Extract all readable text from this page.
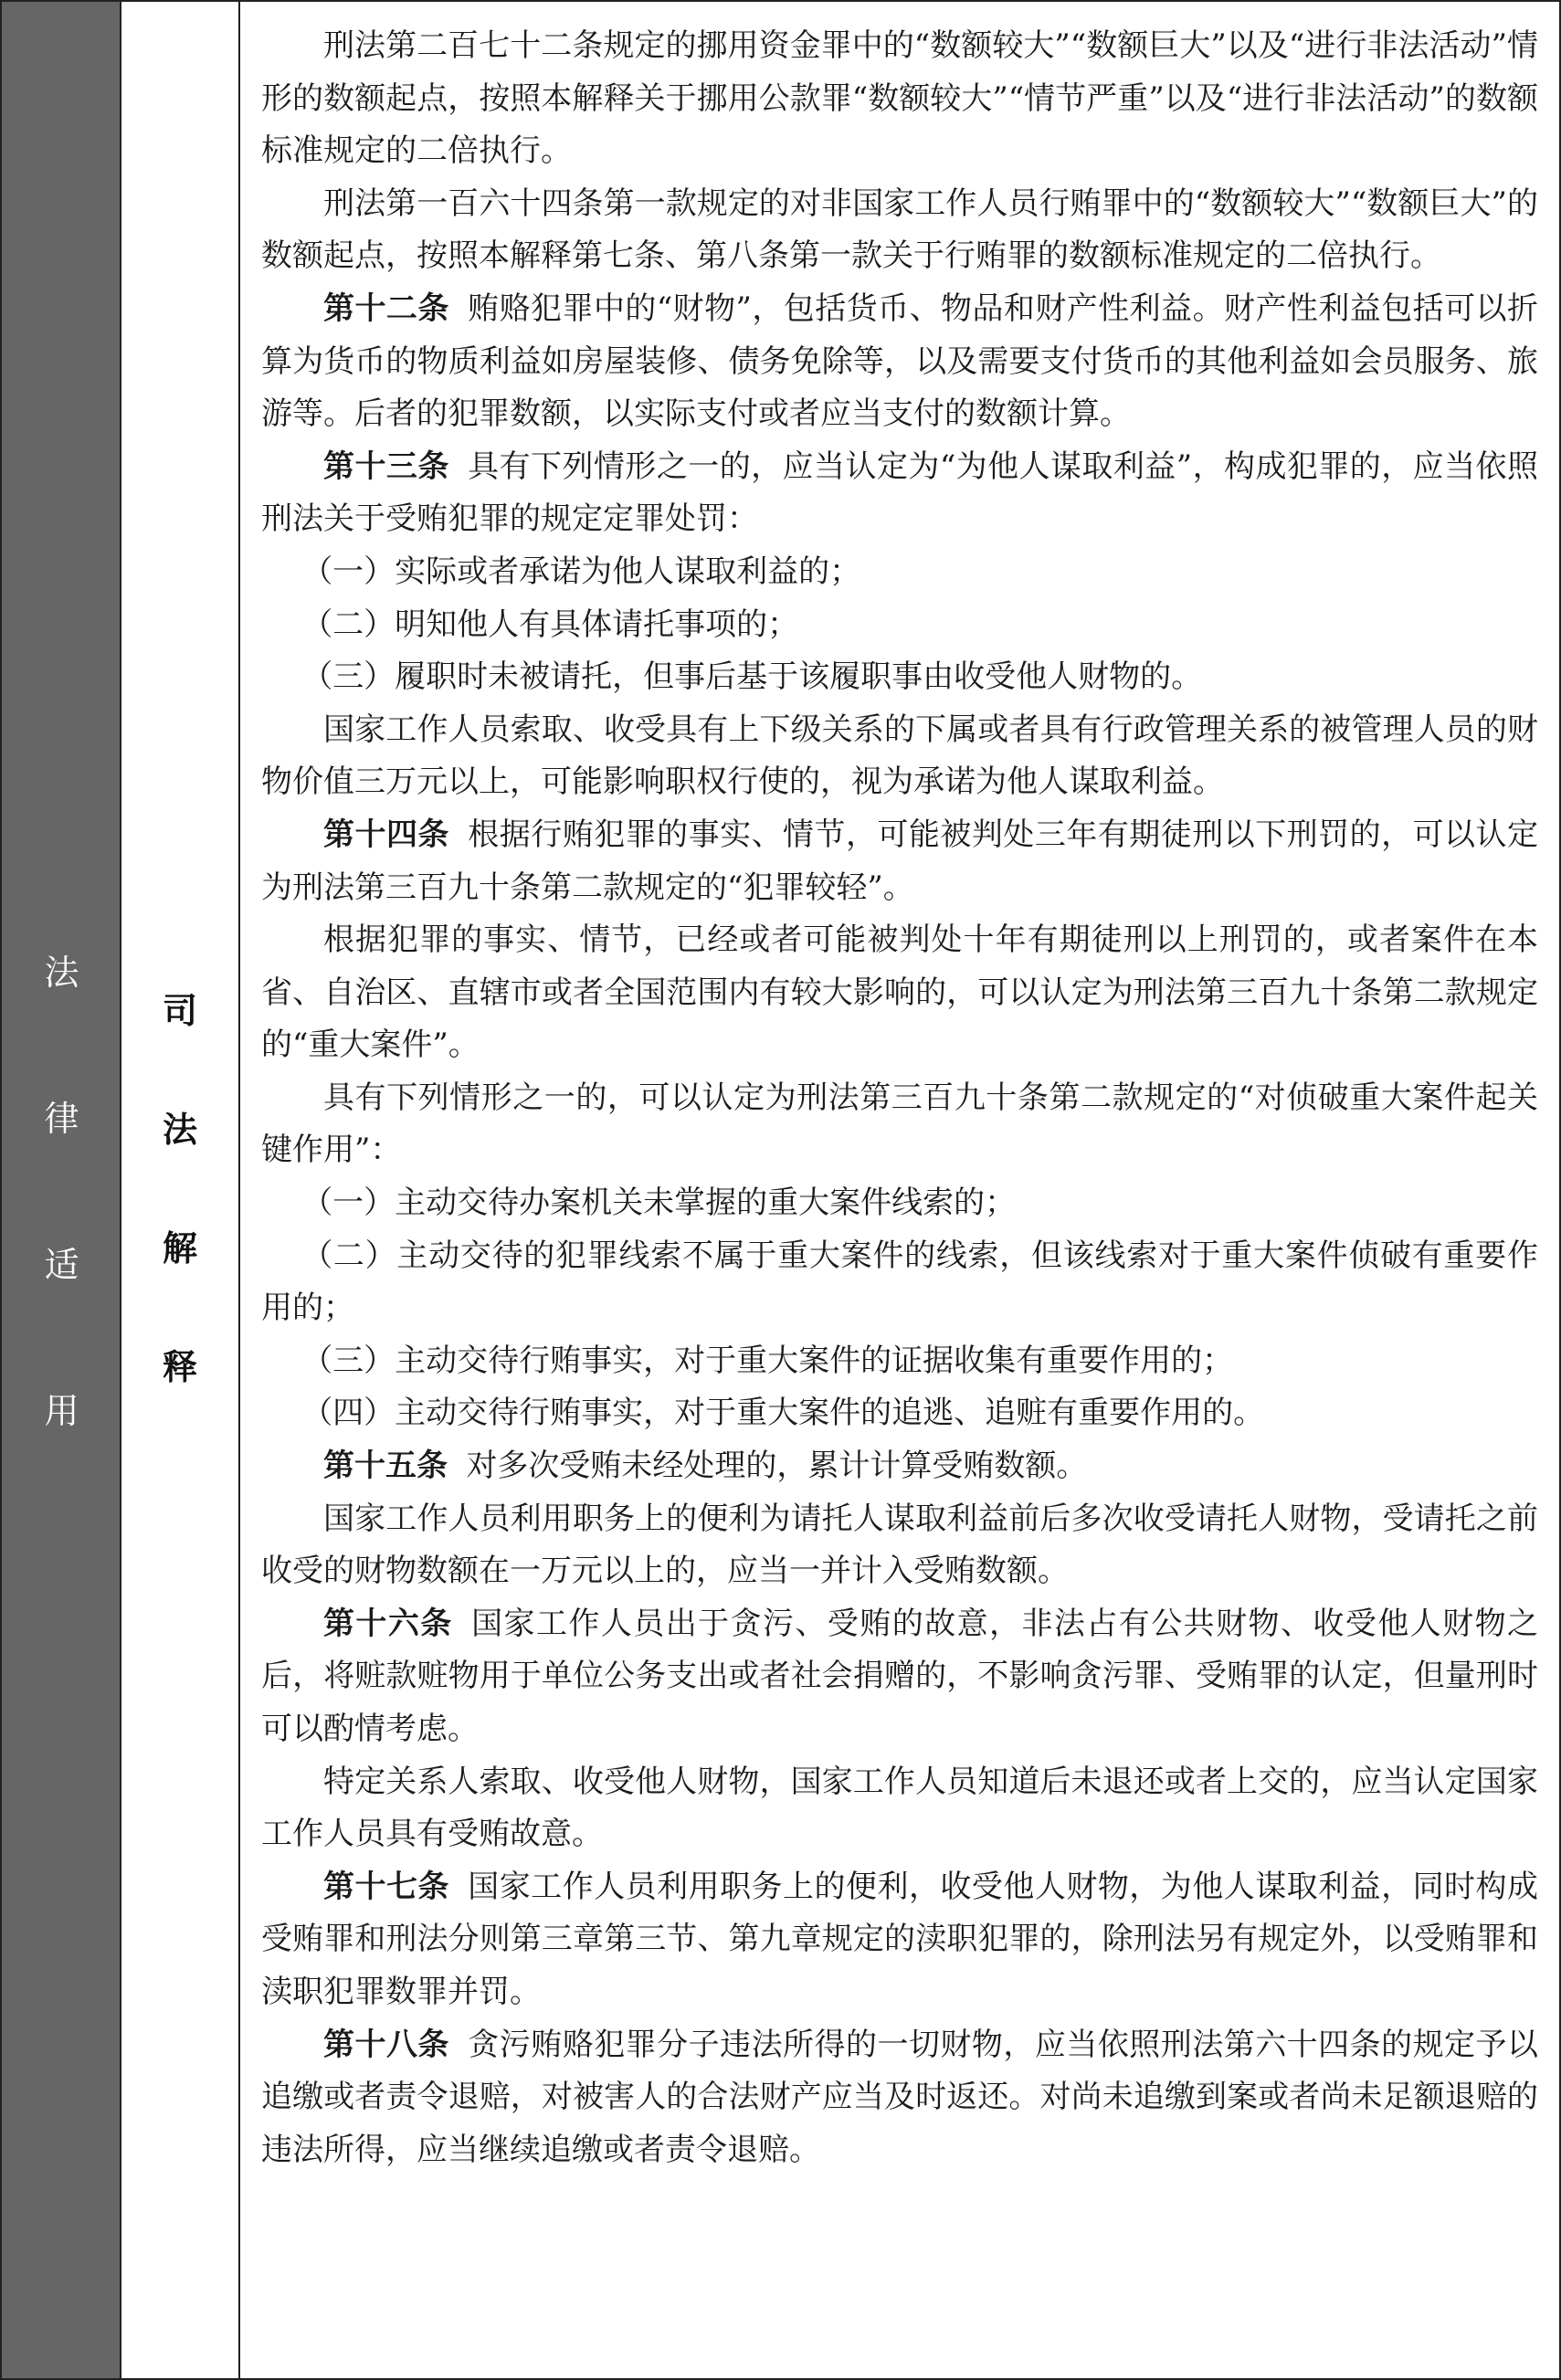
法
律
适
用
司
法
解
释

刑法第二百七十二条规定的挪用资金罪中的“数额较大”“数额巨大”以及“进行非法活动”情形的数额起点，按照本解释关于挪用公款罪“数额较大”“情节严重”以及“进行非法活动”的数额标准规定的二倍执行。

刑法第一百六十四条第一款规定的对非国家工作人员行贿罪中的“数额较大”“数额巨大”的数额起点，按照本解释第七条、第八条第一款关于行贿罪的数额标准规定的二倍执行。

第十二条 贿赂犯罪中的“财物”，包括货币、物品和财产性利益。财产性利益包括可以折算为货币的物质利益如房屋装修、债务免除等，以及需要支付货币的其他利益如会员服务、旅游等。后者的犯罪数额，以实际支付或者应当支付的数额计算。

第十三条 具有下列情形之一的，应当认定为“为他人谋取利益”，构成犯罪的，应当依照刑法关于受贿犯罪的规定定罪处罚：

（一）实际或者承诺为他人谋取利益的；

（二）明知他人有具体请托事项的；

（三）履职时未被请托，但事后基于该履职事由收受他人财物的。

国家工作人员索取、收受具有上下级关系的下属或者具有行政管理关系的被管理人员的财物价值三万元以上，可能影响职权行使的，视为承诺为他人谋取利益。

第十四条 根据行贿犯罪的事实、情节，可能被判处三年有期徒刑以下刑罚的，可以认定为刑法第三百九十条第二款规定的“犯罪较轻”。

根据犯罪的事实、情节，已经或者可能被判处十年有期徒刑以上刑罚的，或者案件在本省、自治区、直辖市或者全国范围内有较大影响的，可以认定为刑法第三百九十条第二款规定的“重大案件”。

具有下列情形之一的，可以认定为刑法第三百九十条第二款规定的“对侦破重大案件起关键作用”：

（一）主动交待办案机关未掌握的重大案件线索的；

（二）主动交待的犯罪线索不属于重大案件的线索，但该线索对于重大案件侦破有重要作用的；

（三）主动交待行贿事实，对于重大案件的证据收集有重要作用的；

（四）主动交待行贿事实，对于重大案件的追逃、追赃有重要作用的。

第十五条 对多次受贿未经处理的，累计计算受贿数额。

国家工作人员利用职务上的便利为请托人谋取利益前后多次收受请托人财物，受请托之前收受的财物数额在一万元以上的，应当一并计入受贿数额。

第十六条 国家工作人员出于贪污、受贿的故意，非法占有公共财物、收受他人财物之后，将赃款赃物用于单位公务支出或者社会捐赠的，不影响贪污罪、受贿罪的认定，但量刑时可以酌情考虑。

特定关系人索取、收受他人财物，国家工作人员知道后未退还或者上交的，应当认定国家工作人员具有受贿故意。

第十七条 国家工作人员利用职务上的便利，收受他人财物，为他人谋取利益，同时构成受贿罪和刑法分则第三章第三节、第九章规定的渎职犯罪的，除刑法另有规定外，以受贿罪和渎职犯罪数罪并罚。

第十八条 贪污贿赂犯罪分子违法所得的一切财物，应当依照刑法第六十四条的规定予以追缴或者责令退赔，对被害人的合法财产应当及时返还。对尚未追缴到案或者尚未足额退赔的违法所得，应当继续追缴或者责令退赔。
